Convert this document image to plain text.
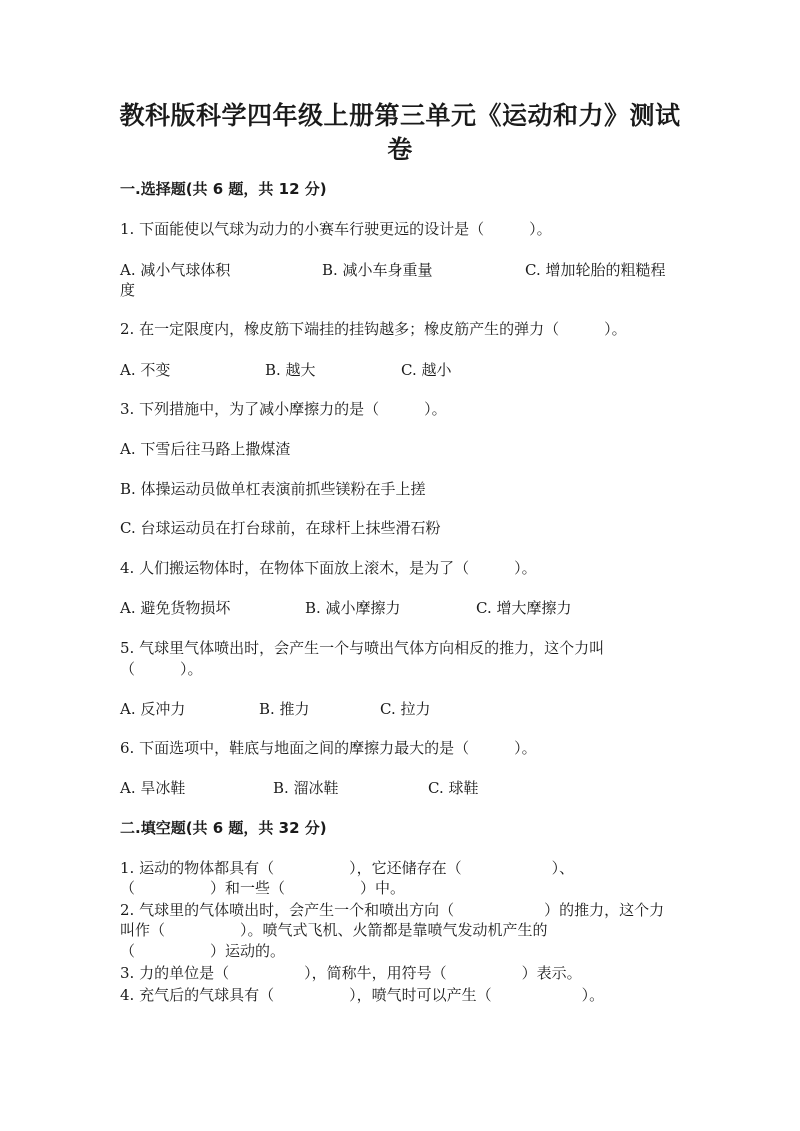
教科版科学四年级上册第三单元《运动和力》测试
卷
一.选择题(共 6 题，共 12 分)
1. 下面能使以气球为动力的小赛车行驶更远的设计是（　　　）。
A. 减小气球体积	B. 减小车身重量	C. 增加轮胎的粗糙程
度
2. 在一定限度内，橡皮筋下端挂的挂钩越多；橡皮筋产生的弹力（　　　）。
A. 不变	B. 越大	C. 越小
3. 下列措施中，为了减小摩擦力的是（　　　）。
A. 下雪后往马路上撒煤渣
B. 体操运动员做单杠表演前抓些镁粉在手上搓
C. 台球运动员在打台球前，在球杆上抹些滑石粉
4. 人们搬运物体时，在物体下面放上滚木，是为了（　　　）。
A. 避免货物损坏	B. 减小摩擦力	C. 增大摩擦力
5. 气球里气体喷出时，会产生一个与喷出气体方向相反的推力，这个力叫
（　　　）。
A. 反冲力	B. 推力	C. 拉力
6. 下面选项中，鞋底与地面之间的摩擦力最大的是（　　　）。
A. 旱冰鞋	B. 溜冰鞋	C. 球鞋
二.填空题(共 6 题，共 32 分)
1. 运动的物体都具有（　　　　　），它还储存在（　　　　　　）、
（　　　　　）和一些（　　　　　）中。
2. 气球里的气体喷出时，会产生一个和喷出方向（　　　　　　）的推力，这个力
叫作（　　　　　）。喷气式飞机、火箭都是靠喷气发动机产生的
（　　　　　）运动的。
3. 力的单位是（　　　　　），简称牛，用符号（　　　　　）表示。
4. 充气后的气球具有（　　　　　），喷气时可以产生（　　　　　　）。
